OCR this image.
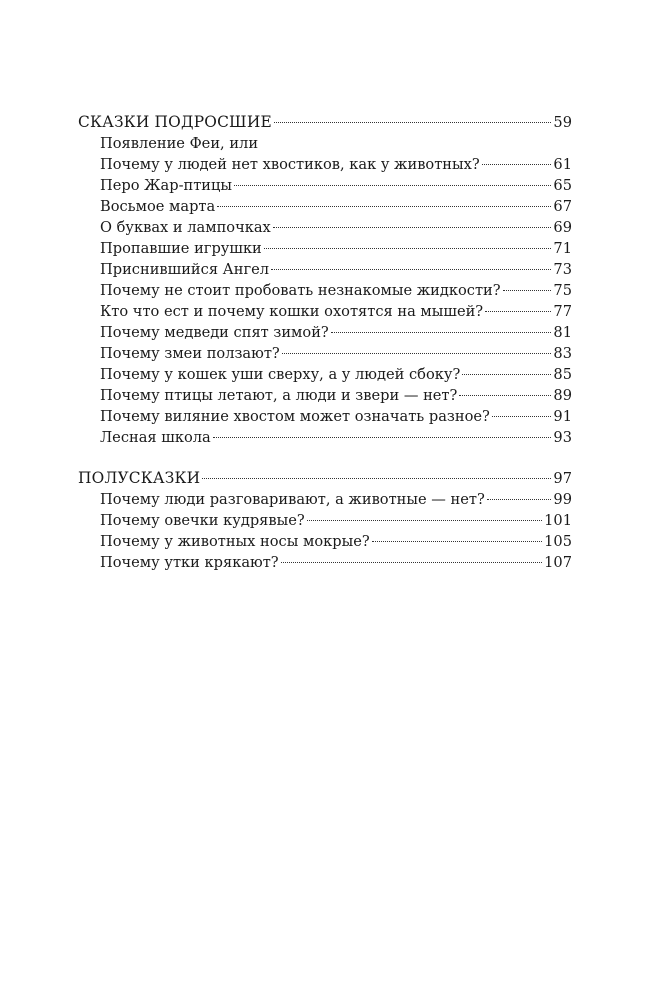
СКАЗКИ ПОДРОСШИЕ	59
Появление Феи, или
Почему у людей нет хвостиков, как у животных?	61
Перо Жар-птицы	65
Восьмое марта	67
О буквах и лампочках	69
Пропавшие игрушки	71
Приснившийся Ангел	73
Почему не стоит пробовать незнакомые жидкости?	75
Кто что ест и почему кошки охотятся на мышей?	77
Почему медведи спят зимой?	81
Почему змеи ползают?	83
Почему у кошек уши сверху, а у людей сбоку?	85
Почему птицы летают, а люди и звери — нет?	89
Почему виляние хвостом может означать разное?	91
Лесная школа	93
ПОЛУСКАЗКИ	97
Почему люди разговаривают, а животные — нет?	99
Почему овечки кудрявые?	101
Почему у животных носы мокрые?	105
Почему утки крякают?	107
